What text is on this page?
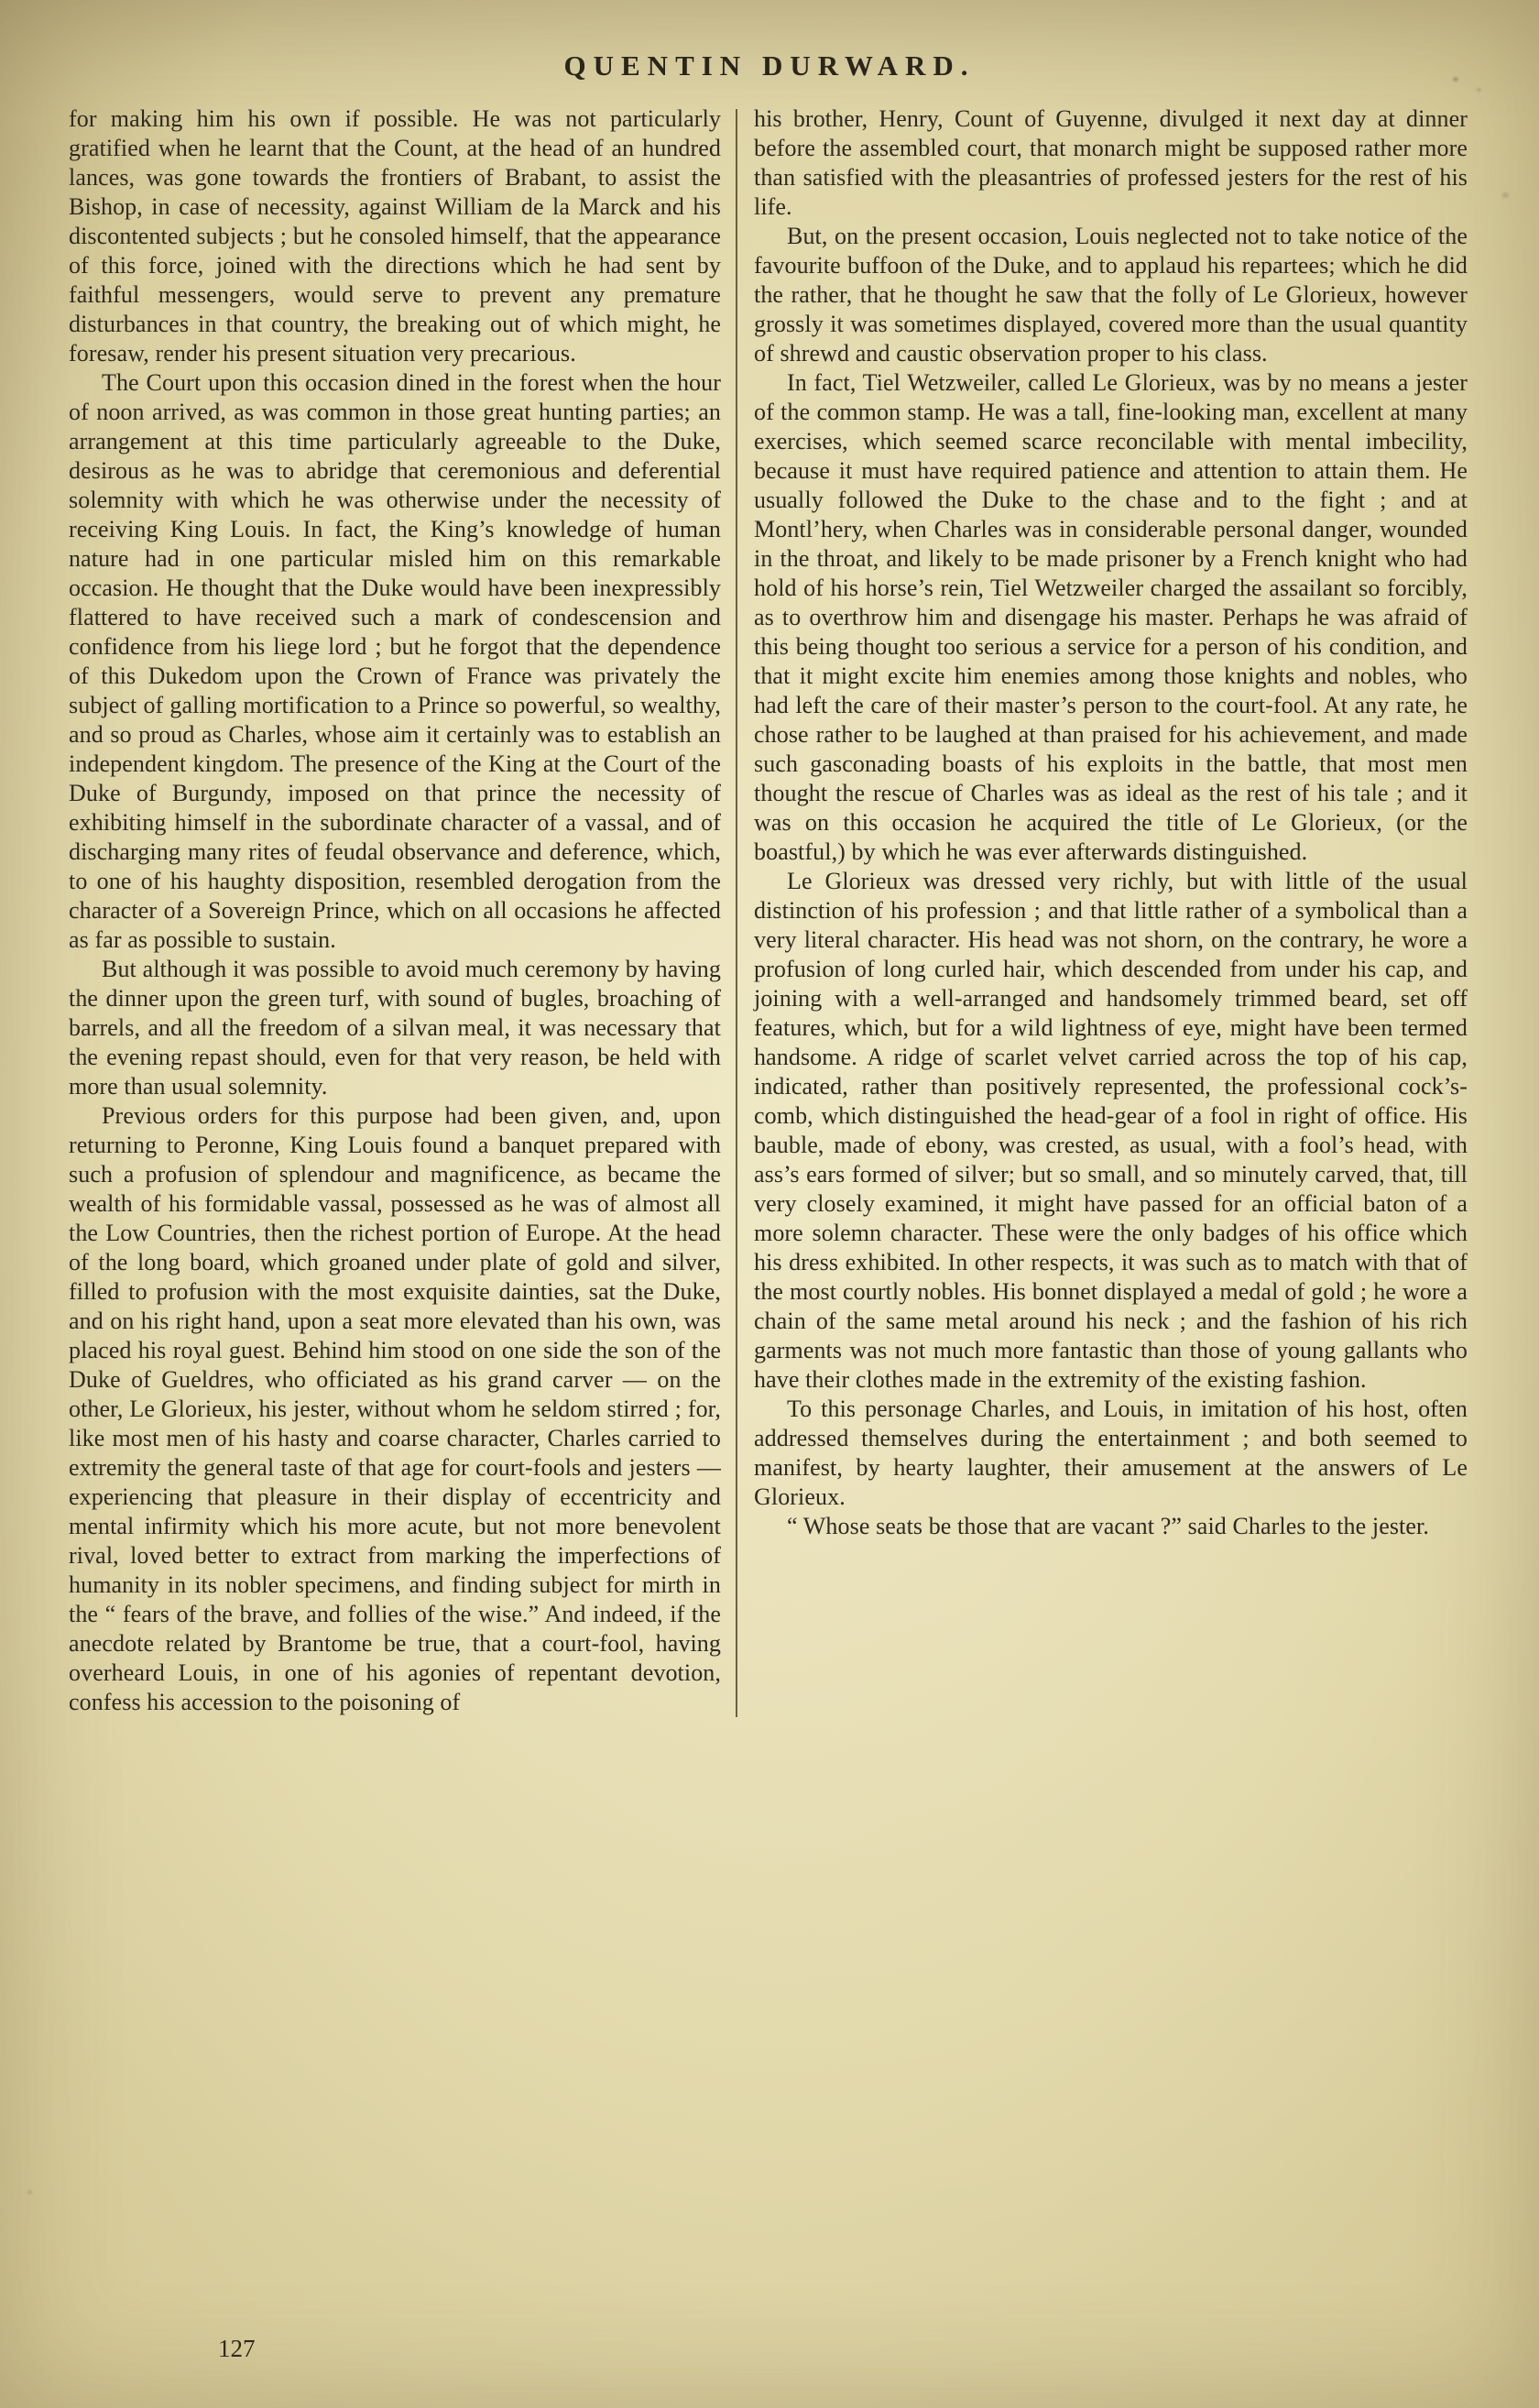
QUENTIN DURWARD.

for making him his own if possible. He was not particularly gratified when he learnt that the Count, at the head of an hundred lances, was gone towards the frontiers of Brabant, to assist the Bishop, in case of necessity, against William de la Marck and his discontented subjects ; but he consoled himself, that the appearance of this force, joined with the directions which he had sent by faithful messengers, would serve to prevent any premature disturbances in that country, the breaking out of which might, he foresaw, render his present situation very precarious.

The Court upon this occasion dined in the forest when the hour of noon arrived, as was common in those great hunting parties; an arrangement at this time particularly agreeable to the Duke, desirous as he was to abridge that ceremonious and deferential solemnity with which he was otherwise under the necessity of receiving King Louis. In fact, the King’s knowledge of human nature had in one particular misled him on this remarkable occasion. He thought that the Duke would have been inexpressibly flattered to have received such a mark of condescension and confidence from his liege lord ; but he forgot that the dependence of this Dukedom upon the Crown of France was privately the subject of galling mortification to a Prince so powerful, so wealthy, and so proud as Charles, whose aim it certainly was to establish an independent kingdom. The presence of the King at the Court of the Duke of Burgundy, imposed on that prince the necessity of exhibiting himself in the subordinate character of a vassal, and of discharging many rites of feudal observance and deference, which, to one of his haughty disposition, resembled derogation from the character of a Sovereign Prince, which on all occasions he affected as far as possible to sustain.

But although it was possible to avoid much ceremony by having the dinner upon the green turf, with sound of bugles, broaching of barrels, and all the freedom of a silvan meal, it was necessary that the evening repast should, even for that very reason, be held with more than usual solemnity.

Previous orders for this purpose had been given, and, upon returning to Peronne, King Louis found a banquet prepared with such a profusion of splendour and magnificence, as became the wealth of his formidable vassal, possessed as he was of almost all the Low Countries, then the richest portion of Europe. At the head of the long board, which groaned under plate of gold and silver, filled to profusion with the most exquisite dainties, sat the Duke, and on his right hand, upon a seat more elevated than his own, was placed his royal guest. Behind him stood on one side the son of the Duke of Gueldres, who officiated as his grand carver — on the other, Le Glorieux, his jester, without whom he seldom stirred ; for, like most men of his hasty and coarse character, Charles carried to extremity the general taste of that age for court-fools and jesters — experiencing that pleasure in their display of eccentricity and mental infirmity which his more acute, but not more benevolent rival, loved better to extract from marking the imperfections of humanity in its nobler specimens, and finding subject for mirth in the “ fears of the brave, and follies of the wise.” And indeed, if the anecdote related by Brantome be true, that a court-fool, having overheard Louis, in one of his agonies of repentant devotion, confess his accession to the poisoning of

his brother, Henry, Count of Guyenne, divulged it next day at dinner before the assembled court, that monarch might be supposed rather more than satisfied with the pleasantries of professed jesters for the rest of his life.

But, on the present occasion, Louis neglected not to take notice of the favourite buffoon of the Duke, and to applaud his repartees; which he did the rather, that he thought he saw that the folly of Le Glorieux, however grossly it was sometimes displayed, covered more than the usual quantity of shrewd and caustic observation proper to his class.

In fact, Tiel Wetzweiler, called Le Glorieux, was by no means a jester of the common stamp. He was a tall, fine-looking man, excellent at many exercises, which seemed scarce reconcilable with mental imbecility, because it must have required patience and attention to attain them. He usually followed the Duke to the chase and to the fight ; and at Montl’hery, when Charles was in considerable personal danger, wounded in the throat, and likely to be made prisoner by a French knight who had hold of his horse’s rein, Tiel Wetzweiler charged the assailant so forcibly, as to overthrow him and disengage his master. Perhaps he was afraid of this being thought too serious a service for a person of his condition, and that it might excite him enemies among those knights and nobles, who had left the care of their master’s person to the court-fool. At any rate, he chose rather to be laughed at than praised for his achievement, and made such gasconading boasts of his exploits in the battle, that most men thought the rescue of Charles was as ideal as the rest of his tale ; and it was on this occasion he acquired the title of Le Glorieux, (or the boastful,) by which he was ever afterwards distinguished.

Le Glorieux was dressed very richly, but with little of the usual distinction of his profession ; and that little rather of a symbolical than a very literal character. His head was not shorn, on the contrary, he wore a profusion of long curled hair, which descended from under his cap, and joining with a well-arranged and handsomely trimmed beard, set off features, which, but for a wild lightness of eye, might have been termed handsome. A ridge of scarlet velvet carried across the top of his cap, indicated, rather than positively represented, the professional cock’s-comb, which distinguished the head-gear of a fool in right of office. His bauble, made of ebony, was crested, as usual, with a fool’s head, with ass’s ears formed of silver; but so small, and so minutely carved, that, till very closely examined, it might have passed for an official baton of a more solemn character. These were the only badges of his office which his dress exhibited. In other respects, it was such as to match with that of the most courtly nobles. His bonnet displayed a medal of gold ; he wore a chain of the same metal around his neck ; and the fashion of his rich garments was not much more fantastic than those of young gallants who have their clothes made in the extremity of the existing fashion.

To this personage Charles, and Louis, in imitation of his host, often addressed themselves during the entertainment ; and both seemed to manifest, by hearty laughter, their amusement at the answers of Le Glorieux.

“ Whose seats be those that are vacant ?” said Charles to the jester.

127
